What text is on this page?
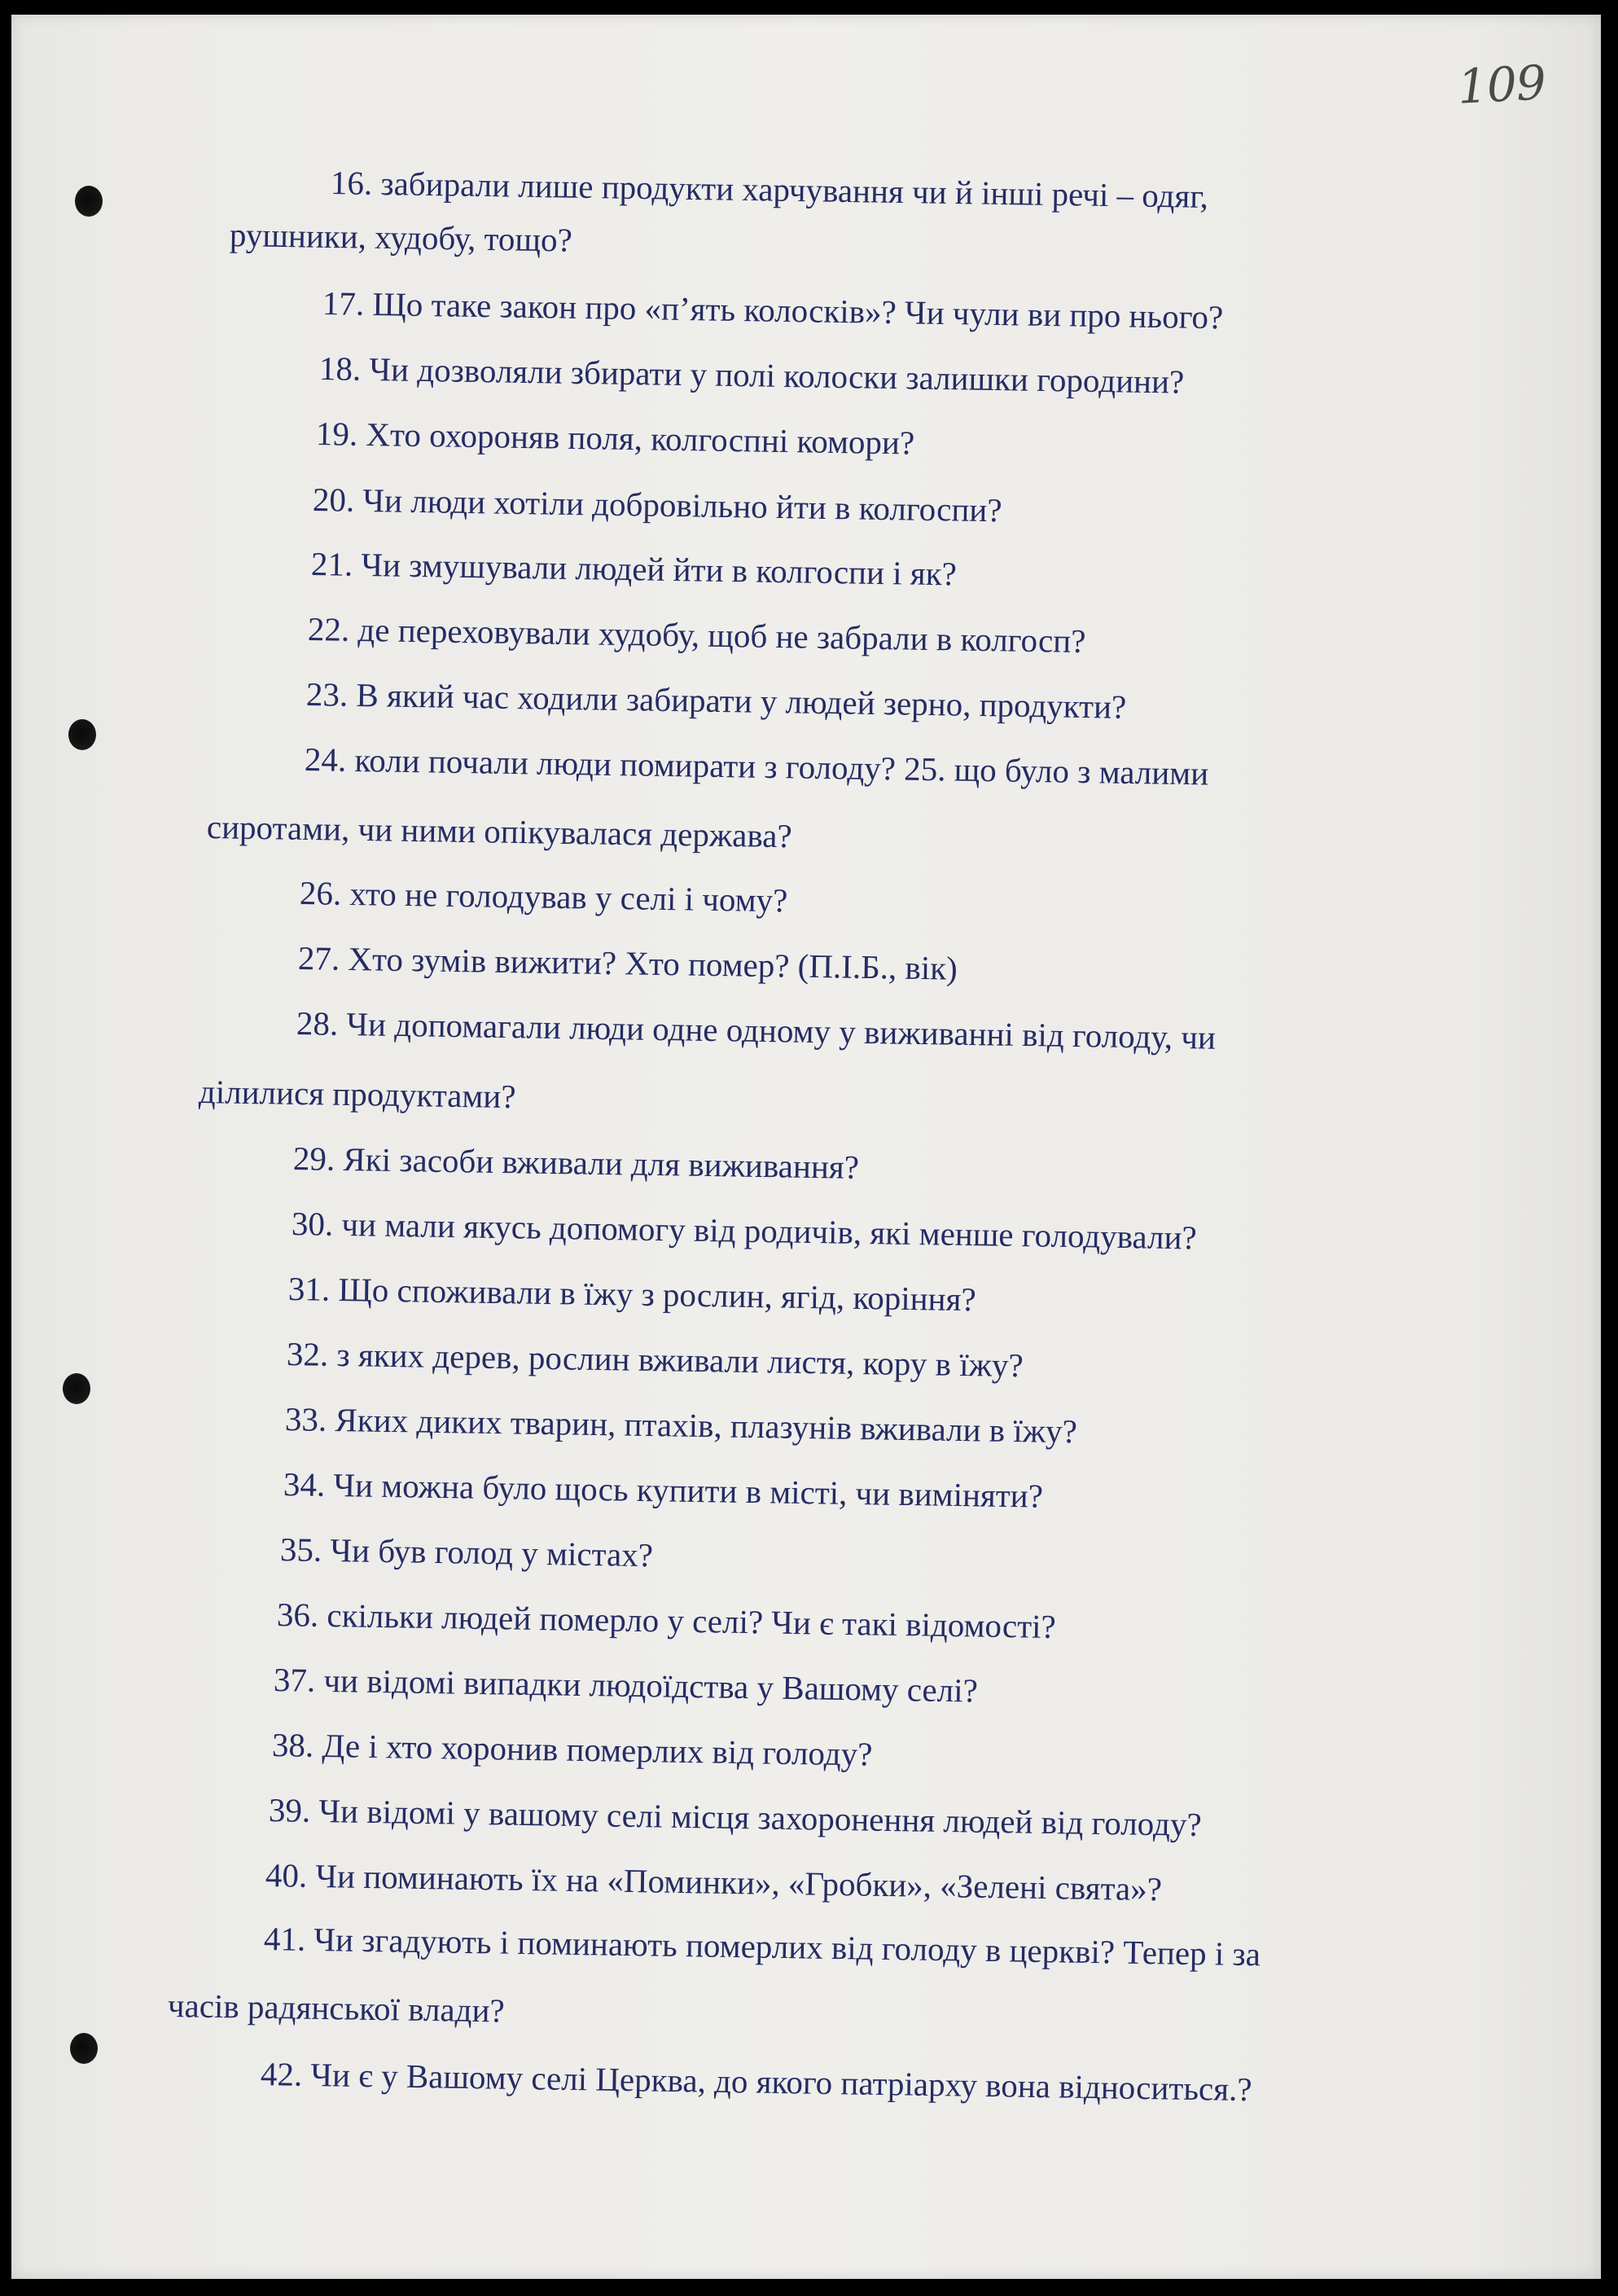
109
16. забирали лише продукти харчування чи й інші речі – одяг,
рушники, худобу, тощо?
17. Що таке закон про «п’ять колосків»? Чи чули ви про нього?
18. Чи дозволяли збирати у полі колоски залишки городини?
19. Хто охороняв поля, колгоспні комори?
20. Чи люди хотіли добровільно йти в колгоспи?
21. Чи змушували людей йти в колгоспи і як?
22. де переховували худобу, щоб не забрали в колгосп?
23. В який час ходили забирати у людей зерно, продукти?
24. коли почали люди помирати з голоду? 25. що було з малими
сиротами, чи ними опікувалася держава?
26. хто не голодував у селі і чому?
27. Хто зумів вижити? Хто помер? (П.І.Б., вік)
28. Чи допомагали люди одне одному у виживанні від голоду, чи
ділилися продуктами?
29. Які засоби вживали для виживання?
30. чи мали якусь допомогу від родичів, які менше голодували?
31. Що споживали в їжу з рослин, ягід, коріння?
32. з яких дерев, рослин вживали листя, кору в їжу?
33. Яких диких тварин, птахів, плазунів вживали в їжу?
34. Чи можна було щось купити в місті, чи виміняти?
35. Чи був голод у містах?
36. скільки людей померло у селі? Чи є такі відомості?
37. чи відомі випадки людоїдства у Вашому селі?
38. Де і хто хоронив померлих від голоду?
39. Чи відомі у вашому селі місця захоронення людей від голоду?
40. Чи поминають їх на «Поминки», «Гробки», «Зелені свята»?
41. Чи згадують і поминають померлих від голоду в церкві? Тепер і за
часів радянської влади?
42. Чи є у Вашому селі Церква, до якого патріарху вона відноситься.?
